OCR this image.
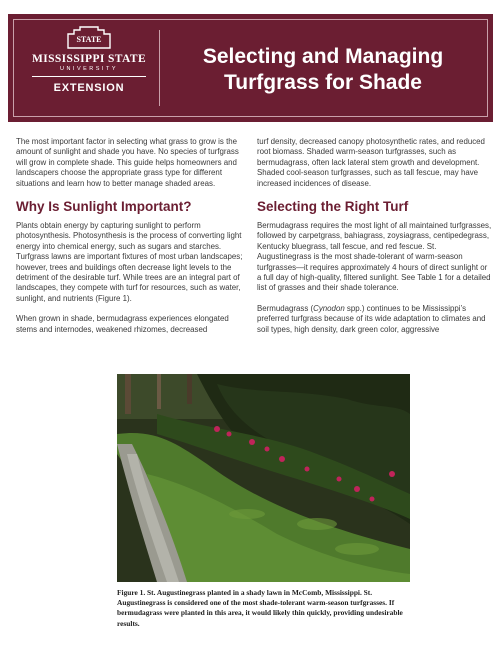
STATE
MISSISSIPPI STATE
UNIVERSITY
EXTENSION
Selecting and Managing
Turfgrass for Shade

The most important factor in selecting what grass to grow is the amount of sunlight and shade you have. No species of turfgrass will grow in complete shade. This guide helps homeowners and landscapers choose the appropriate grass type for different situations and learn how to better manage shaded areas.

Why Is Sunlight Important?

Plants obtain energy by capturing sunlight to perform photosynthesis. Photosynthesis is the process of converting light energy into chemical energy, such as sugars and starches. Turfgrass lawns are important fixtures of most urban landscapes; however, trees and buildings often decrease light levels to the detriment of the desirable turf. While trees are an integral part of landscapes, they compete with turf for resources, such as water, sunlight, and nutrients (Figure 1).

When grown in shade, bermudagrass experiences elongated stems and internodes, weakened rhizomes, decreased

turf density, decreased canopy photosynthetic rates, and reduced root biomass. Shaded warm-season turfgrasses, such as bermudagrass, often lack lateral stem growth and development. Shaded cool-season turfgrasses, such as tall fescue, may have increased incidences of disease.

Selecting the Right Turf

Bermudagrass requires the most light of all maintained turfgrasses, followed by carpetgrass, bahiagrass, zoysiagrass, centipedegrass, Kentucky bluegrass, tall fescue, and red fescue. St. Augustinegrass is the most shade-tolerant of warm-season turfgrasses—it requires approximately 4 hours of direct sunlight or a full day of high-quality, filtered sunlight. See Table 1 for a detailed list of grasses and their shade tolerance.

Bermudagrass (Cynodon spp.) continues to be Mississippi’s preferred turfgrass because of its wide adaptation to climates and soil types, high density, dark green color, aggressive

Figure 1. St. Augustinegrass planted in a shady lawn in McComb, Mississippi. St. Augustinegrass is considered one of the most shade-tolerant warm-season turfgrasses. If bermudagrass were planted in this area, it would likely thin quickly, providing undesirable results.
